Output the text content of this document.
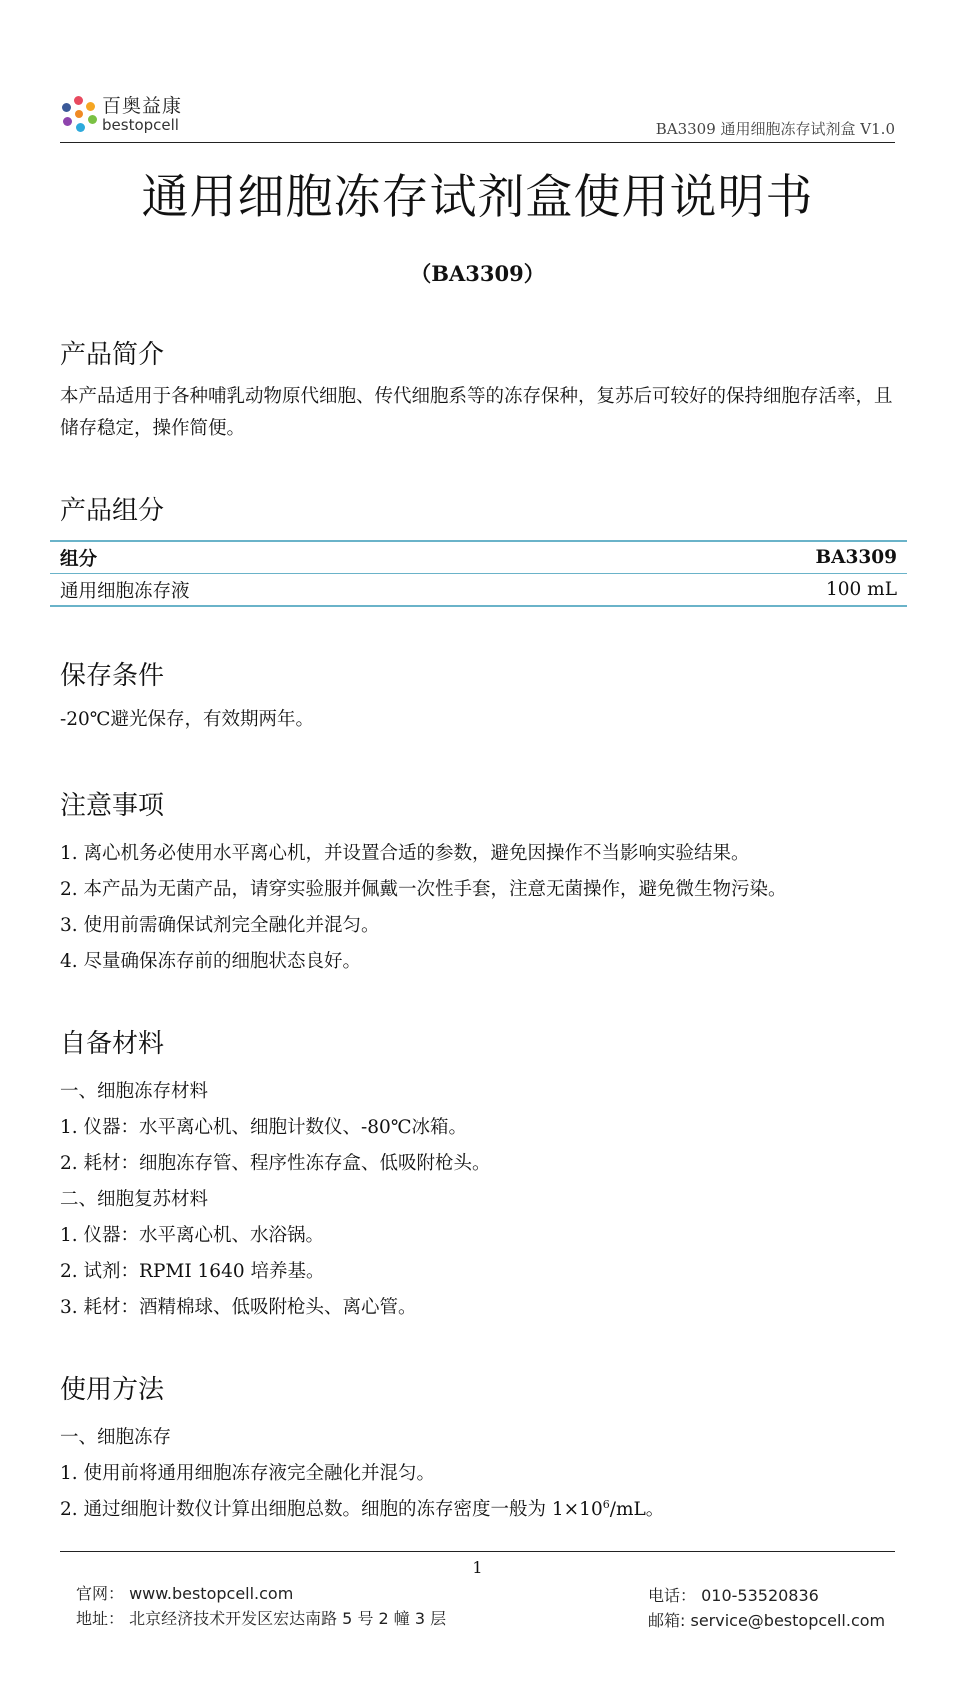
百奥益康
bestopcell	BA3309 通用细胞冻存试剂盒 V1.0
通用细胞冻存试剂盒使用说明书
（BA3309）
产品简介
本产品适用于各种哺乳动物原代细胞、传代细胞系等的冻存保种，复苏后可较好的保持细胞存活率，且储存稳定，操作简便。
产品组分
组分	BA3309
通用细胞冻存液	100 mL
保存条件
-20℃避光保存，有效期两年。
注意事项
1. 离心机务必使用水平离心机，并设置合适的参数，避免因操作不当影响实验结果。
2. 本产品为无菌产品，请穿实验服并佩戴一次性手套，注意无菌操作，避免微生物污染。
3. 使用前需确保试剂完全融化并混匀。
4. 尽量确保冻存前的细胞状态良好。
自备材料
一、细胞冻存材料
1. 仪器：水平离心机、细胞计数仪、-80℃冰箱。
2. 耗材：细胞冻存管、程序性冻存盒、低吸附枪头。
二、细胞复苏材料
1. 仪器：水平离心机、水浴锅。
2. 试剂：RPMI 1640 培养基。
3. 耗材：酒精棉球、低吸附枪头、离心管。
使用方法
一、细胞冻存
1. 使用前将通用细胞冻存液完全融化并混匀。
2. 通过细胞计数仪计算出细胞总数。细胞的冻存密度一般为 $1\times 10^6/mL$。
1
官网： www.bestopcell.com
地址： 北京经济技术开发区宏达南路 5 号 2 幢 3 层
电话： 010-53520836
邮箱: service@bestopcell.com
